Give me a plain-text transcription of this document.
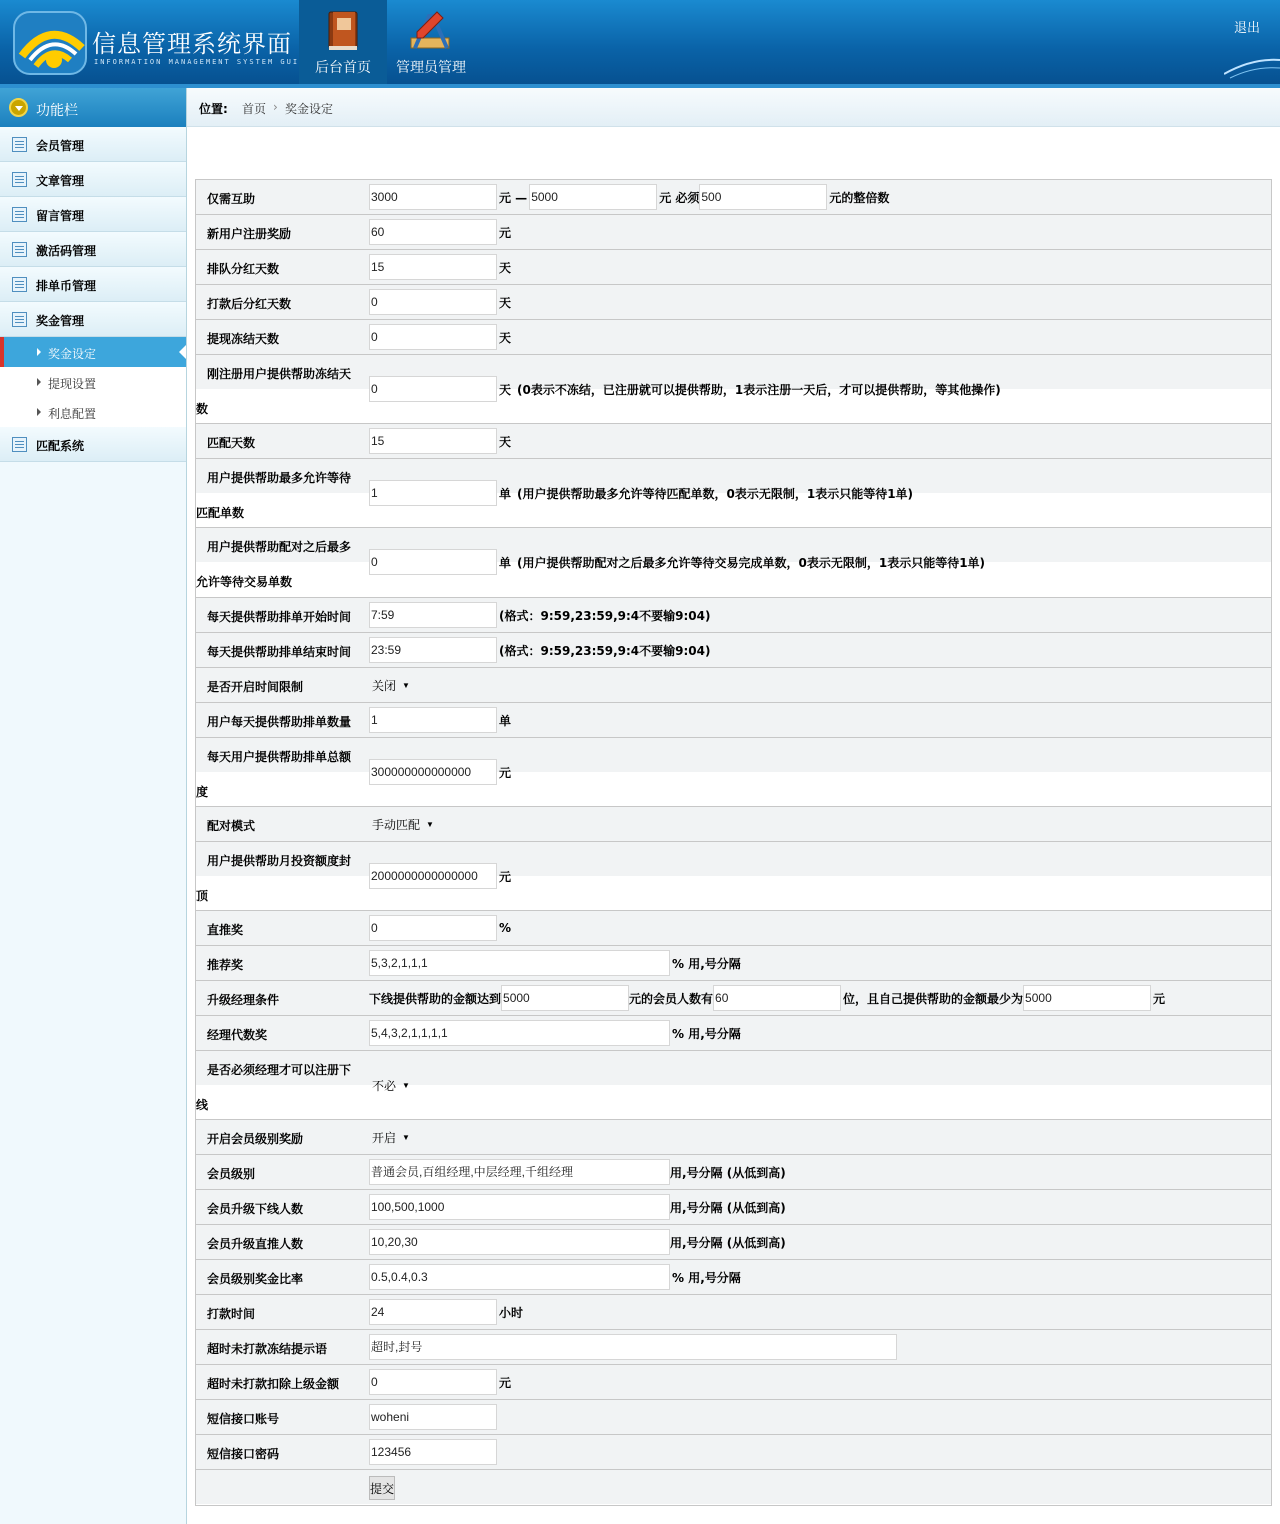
信息管理系统界面
INFORMATION MANAGEMENT SYSTEM GUI	后台首页	管理员管理
退出
功能栏
会员管理
文章管理
留言管理
激活码管理
排单币管理
奖金管理
奖金设定
提现设置
利息配置
匹配系统
位置: 首页 › 奖金设定
仅需互助	3000	元 — 5000	元 必须 500	元的整倍数
新用户注册奖励	60	元
排队分红天数	15	天
打款后分红天数	0	天
提现冻结天数	0	天
刚注册用户提供帮助冻结天
数
0	天 (0表示不冻结，已注册就可以提供帮助，1表示注册一天后，才可以提供帮助，等其他操作)
匹配天数	15	天
用户提供帮助最多允许等待
匹配单数
1	单 (用户提供帮助最多允许等待匹配单数，0表示无限制，1表示只能等待1单)
用户提供帮助配对之后最多
允许等待交易单数
0	单 (用户提供帮助配对之后最多允许等待交易完成单数，0表示无限制，1表示只能等待1单)
每天提供帮助排单开始时间 7:59	(格式：9:59,23:59,9:4不要输9:04)
每天提供帮助排单结束时间 23:59	(格式：9:59,23:59,9:4不要输9:04)
是否开启时间限制	关闭 ▼
用户每天提供帮助排单数量 1	单
每天用户提供帮助排单总额
度
300000000000000	元
配对模式	手动匹配 ▼
用户提供帮助月投资额度封
顶
2000000000000000	元
直推奖	0	%
推荐奖	5,3,2,1,1,1	% 用,号分隔
升级经理条件	下线提供帮助的金额达到 5000	元的会员人数有 60	位，且自己提供帮助的金额最少为 5000	元
经理代数奖	5,4,3,2,1,1,1,1	% 用,号分隔
是否必须经理才可以注册下
线
不必 ▼
开启会员级别奖励	开启 ▼
会员级别	普通会员,百组经理,中层经理,千组经理	用,号分隔 (从低到高)
会员升级下线人数	100,500,1000	用,号分隔 (从低到高)
会员升级直推人数	10,20,30	用,号分隔 (从低到高)
会员级别奖金比率	0.5,0.4,0.3	% 用,号分隔
打款时间	24	小时
超时未打款冻结提示语	超时,封号
超时未打款扣除上级金额	0	元
短信接口账号	woheni
短信接口密码	123456
提交
